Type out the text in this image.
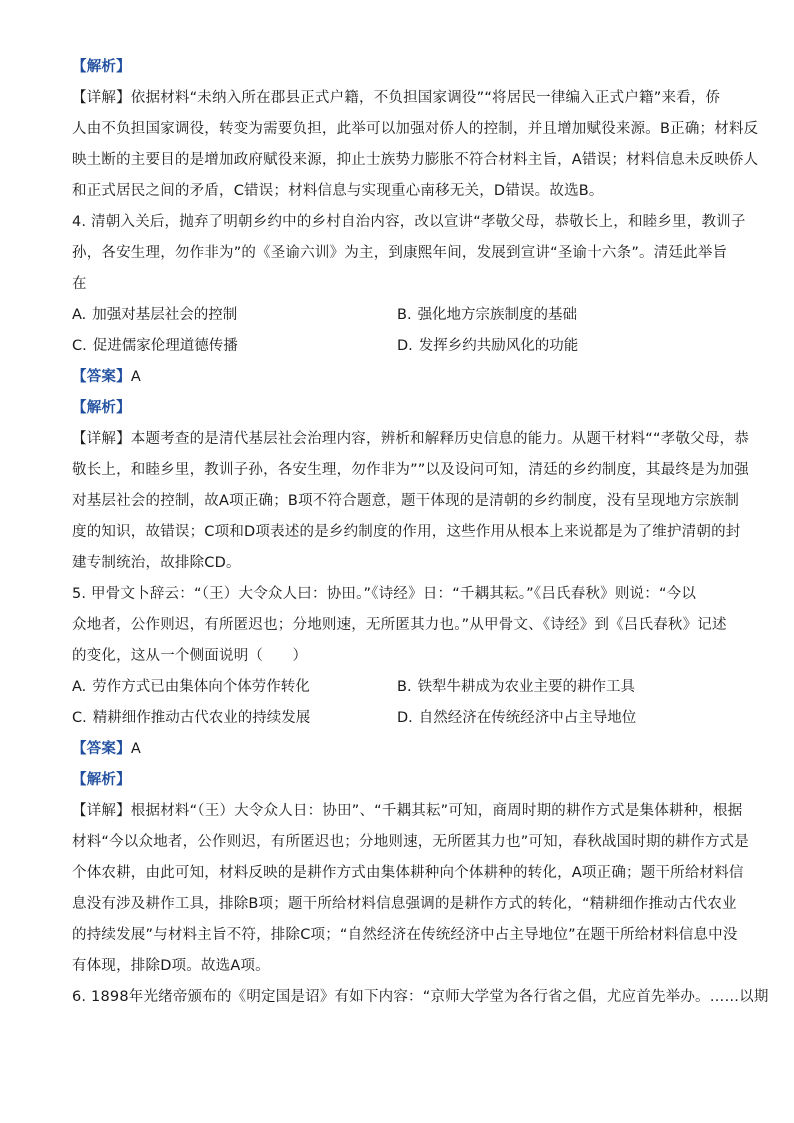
【解析】
【详解】依据材料“未纳入所在郡县正式户籍，不负担国家调役”“将居民一律编入正式户籍”来看，侨
人由不负担国家调役，转变为需要负担，此举可以加强对侨人的控制，并且增加赋役来源。B正确；材料反
映土断的主要目的是增加政府赋役来源，抑止士族势力膨胀不符合材料主旨，A错误；材料信息未反映侨人
和正式居民之间的矛盾，C错误；材料信息与实现重心南移无关，D错误。故选B。
4. 清朝入关后，抛弃了明朝乡约中的乡村自治内容，改以宣讲“孝敬父母，恭敬长上，和睦乡里，教训子
孙，各安生理，勿作非为”的《圣谕六训》为主，到康熙年间，发展到宣讲“圣谕十六条”。清廷此举旨
在
A. 加强对基层社会的控制	B. 强化地方宗族制度的基础
C. 促进儒家伦理道德传播	D. 发挥乡约共励风化的功能
【答案】A
【解析】
【详解】本题考查的是清代基层社会治理内容，辨析和解释历史信息的能力。从题干材料““孝敬父母，恭
敬长上，和睦乡里，教训子孙，各安生理，勿作非为””以及设问可知，清廷的乡约制度，其最终是为加强
对基层社会的控制，故A项正确；B项不符合题意，题干体现的是清朝的乡约制度，没有呈现地方宗族制
度的知识，故错误；C项和D项表述的是乡约制度的作用，这些作用从根本上来说都是为了维护清朝的封
建专制统治，故排除CD。
5. 甲骨文卜辞云：“（王）大令众人曰：协田。”《诗经》日：“千耦其耘。”《吕氏春秋》则说：“今以
众地者，公作则迟，有所匿迟也；分地则速，无所匿其力也。”从甲骨文、《诗经》到《吕氏春秋》记述
的变化，这从一个侧面说明（　　）
A. 劳作方式已由集体向个体劳作转化	B. 铁犁牛耕成为农业主要的耕作工具
C. 精耕细作推动古代农业的持续发展	D. 自然经济在传统经济中占主导地位
【答案】A
【解析】
【详解】根据材料“（王）大令众人日：协田”、“千耦其耘”可知，商周时期的耕作方式是集体耕种，根据
材料“今以众地者，公作则迟，有所匿迟也；分地则速，无所匿其力也”可知，春秋战国时期的耕作方式是
个体农耕，由此可知，材料反映的是耕作方式由集体耕种向个体耕种的转化，A项正确；题干所给材料信
息没有涉及耕作工具，排除B项；题干所给材料信息强调的是耕作方式的转化，“精耕细作推动古代农业
的持续发展”与材料主旨不符，排除C项；“自然经济在传统经济中占主导地位”在题干所给材料信息中没
有体现，排除D项。故选A项。
6. 1898年光绪帝颁布的《明定国是诏》有如下内容：“京师大学堂为各行省之倡，尤应首先举办。……以期
